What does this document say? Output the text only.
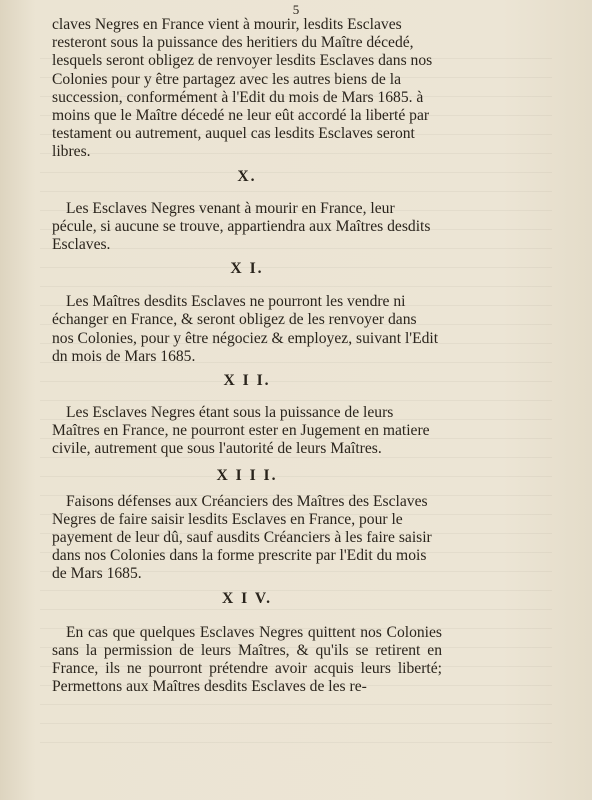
5

claves Negres en France vient à mourir, lesdits Esclaves resteront sous la puissance des heritiers du Maître décedé, lesquels seront obligez de renvoyer lesdits Esclaves dans nos Colonies pour y être partagez avec les autres biens de la succession, conformément à l'Edit du mois de Mars 1685. à moins que le Maître décedé ne leur eût accordé la liberté par testament ou autrement, auquel cas lesdits Esclaves seront libres.

X.

Les Esclaves Negres venant à mourir en France, leur pécule, si aucune se trouve, appartiendra aux Maîtres desdits Esclaves.

X I.

Les Maîtres desdits Esclaves ne pourront les vendre ni échanger en France, & seront obligez de les renvoyer dans nos Colonies, pour y être négociez & employez, suivant l'Edit dn mois de Mars 1685.

X I I.

Les Esclaves Negres étant sous la puissance de leurs Maîtres en France, ne pourront ester en Jugement en matiere civile, autrement que sous l'autorité de leurs Maîtres.

X I I I.

Faisons défenses aux Créanciers des Maîtres des Esclaves Negres de faire saisir lesdits Esclaves en France, pour le payement de leur dû, sauf ausdits Créanciers à les faire saisir dans nos Colonies dans la forme prescrite par l'Edit du mois de Mars 1685.

X I V.

En cas que quelques Esclaves Negres quittent nos Colonies sans la permission de leurs Maîtres, & qu'ils se retirent en France, ils ne pourront prétendre avoir acquis leurs liberté; Permettons aux Maîtres desdits Esclaves de les re-
